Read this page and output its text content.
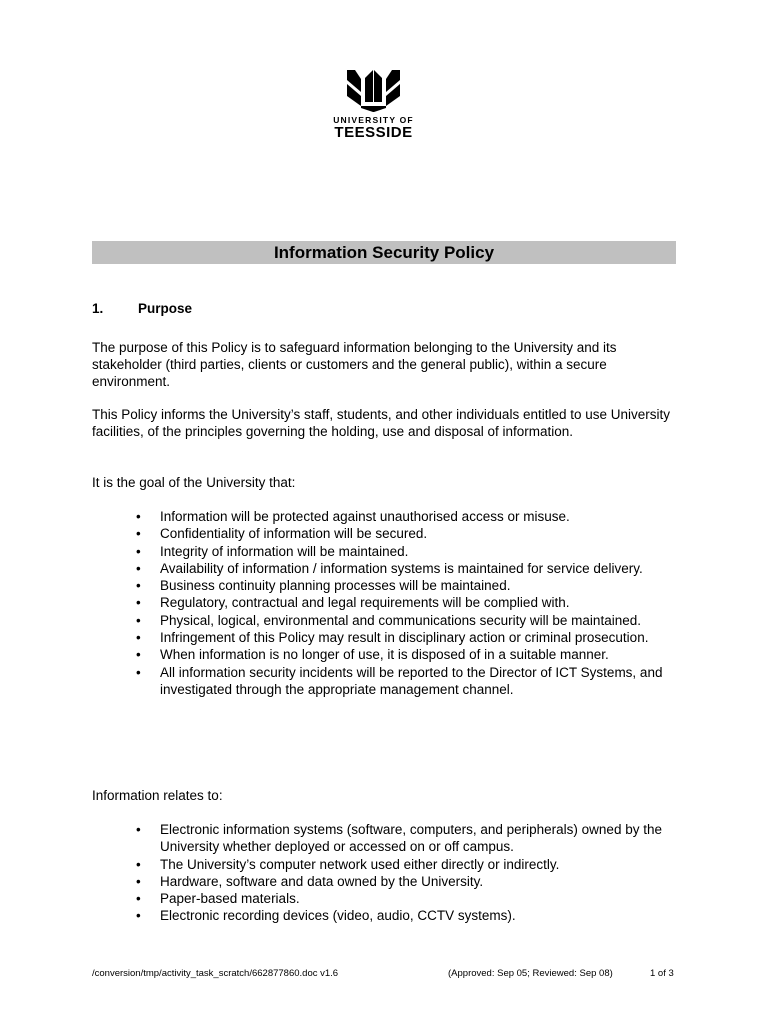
UNIVERSITY OF
TEESSIDE
Information Security Policy
1.	Purpose

The purpose of this Policy is to safeguard information belonging to the University and its stakeholder (third parties, clients or customers and the general public), within a secure environment.

This Policy informs the University’s staff, students, and other individuals entitled to use University facilities, of the principles governing the holding, use and disposal of information.

It is the goal of the University that:

• Information will be protected against unauthorised access or misuse.
• Confidentiality of information will be secured.
• Integrity of information will be maintained.
• Availability of information / information systems is maintained for service delivery.
• Business continuity planning processes will be maintained.
• Regulatory, contractual and legal requirements will be complied with.
• Physical, logical, environmental and communications security will be maintained.
• Infringement of this Policy may result in disciplinary action or criminal prosecution.
• When information is no longer of use, it is disposed of in a suitable manner.
• All information security incidents will be reported to the Director of ICT Systems, and investigated through the appropriate management channel.

Information relates to:

• Electronic information systems (software, computers, and peripherals) owned by the University whether deployed or accessed on or off campus.
• The University’s computer network used either directly or indirectly.
• Hardware, software and data owned by the University.
• Paper-based materials.
• Electronic recording devices (video, audio, CCTV systems).
/conversion/tmp/activity_task_scratch/662877860.doc v1.6	(Approved: Sep 05; Reviewed: Sep 08)	1 of 3
